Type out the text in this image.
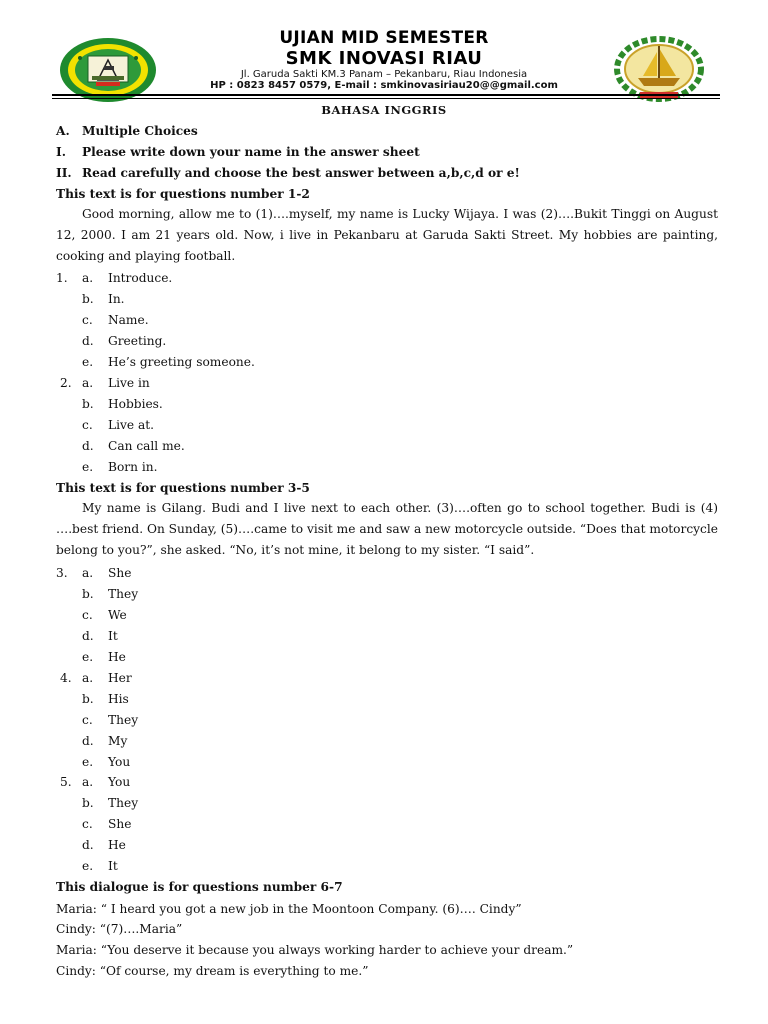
UJIAN MID SEMESTER
SMK INOVASI RIAU
Jl. Garuda Sakti KM.3 Panam – Pekanbaru, Riau Indonesia
HP : 0823 8457 0579, E-mail : smkinovasiriau20@@gmail.com
BAHASA INGGRIS
A. Multiple Choices
I. Please write down your name in the answer sheet
II. Read carefully and choose the best answer between a,b,c,d or e!
This text is for questions number 1-2
Good morning, allow me to (1)….myself, my name is Lucky Wijaya. I was (2)….Bukit Tinggi on August 12, 2000. I am 21 years old. Now, i live in Pekanbaru at Garuda Sakti Street. My hobbies are painting, cooking and playing football.
1. a. Introduce.
b. In.
c. Name.
d. Greeting.
e. He’s greeting someone.
2. a. Live in
b. Hobbies.
c. Live at.
d. Can call me.
e. Born in.
This text is for questions number 3-5
My name is Gilang. Budi and I live next to each other. (3)….often go to school together. Budi is (4) ….best friend. On Sunday, (5)….came to visit me and saw a new motorcycle outside. “Does that motorcycle belong to you?”, she asked. “No, it’s not mine, it belong to my sister. “I said”.
3. a. She
b. They
c. We
d. It
e. He
4. a. Her
b. His
c. They
d. My
e. You
5. a. You
b. They
c. She
d. He
e. It
This dialogue is for questions number 6-7
Maria: “ I heard you got a new job in the Moontoon Company. (6)…. Cindy”
Cindy: “(7)….Maria”
Maria: “You deserve it because you always working harder to achieve your dream.”
Cindy: “Of course, my dream is everything to me.”
